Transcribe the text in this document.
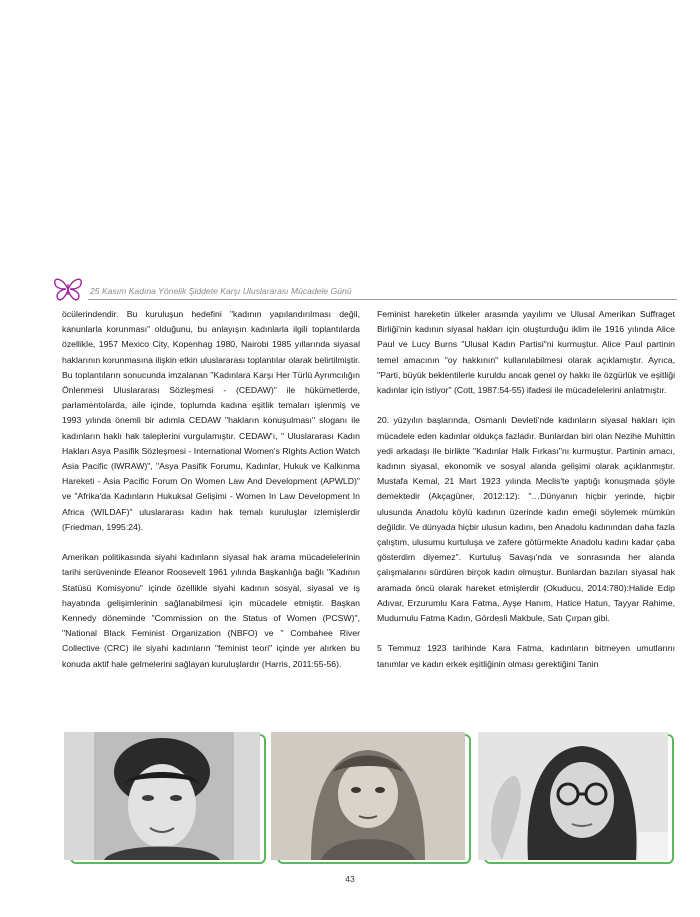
25 Kasım Kadına Yönelik Şiddete Karşı Uluslararası Mücadele Günü

öcülerindendir. Bu kuruluşun hedefini "kadının yapılandırılması değil, kanunlarla korunması" olduğunu, bu anlayışın kadınlarla ilgili toplantılarda özellikle, 1957 Mexico City, Kopenhag 1980, Nairobi 1985 yıllarında siyasal haklarının korunmasına ilişkin etkin uluslararası toplantılar olarak belirtilmiştir. Bu toplantıların sonucunda imzalanan "Kadınlara Karşı Her Türlü Ayrımcılığın Önlenmesi Uluslararası Sözleşmesi - (CEDAW)" ile hükümetlerde, parlamentolarda, aile içinde, toplumda kadına eşitlik temaları işlenmiş ve 1993 yılında önemli bir adımla CEDAW "hakların konuşulması" sloganı ile kadınların haklı hak taleplerini vurgulamıştır. CEDAW'ı, " Uluslararası Kadın Hakları Asya Pasifik Sözleşmesi - International Women's Rights Action Watch Asia Pacific (IWRAW)", "Asya Pasifik Forumu, Kadınlar, Hukuk ve Kalkınma Hareketi - Asia Pacific Forum On Women Law And Development (APWLD)" ve "Afrika'da Kadınların Hukuksal Gelişimi - Women In Law Development In Africa (WILDAF)" uluslararası kadın hak temalı kuruluşlar izlemişlerdir (Friedman, 1995:24).

Amerikan politikasında siyahi kadınların siyasal hak arama mücadelelerinin tarihi serüveninde Eleanor Roosevelt 1961 yılında Başkanlığa bağlı "Kadının Statüsü Komisyonu" içinde özellikle siyahi kadının sosyal, siyasal ve iş hayatında gelişimlerinin sağlanabilmesi için mücadele etmiştir. Başkan Kennedy döneminde "Commission on the Status of Women (PCSW)", "National Black Feminist Organization (NBFO) ve " Combahee River Collective (CRC) ile siyahi kadınların "feminist teori" içinde yer alırken bu konuda aktif hale gelmelerini sağlayan kuruluşlardır (Harris, 2011:55-56).

Feminist hareketin ülkeler arasında yayılımı ve Ulusal Amerikan Suffraget Birliği'nin kadının siyasal hakları için oluşturduğu iklim ile 1916 yılında Alice Paul ve Lucy Burns "Ulusal Kadın Partisi"ni kurmuştur. Alice Paul partinin temel amacının "oy hakkının" kullanılabilmesi olarak açıklamıştır. Ayrıca, "Parti, büyük beklentilerle kuruldu ancak genel oy hakkı ile özgürlük ve eşitliği kadınlar için istiyor" (Cott, 1987:54-55) ifadesi ile mücadelelerini anlatmıştır.

20. yüzyılın başlarında, Osmanlı Devleti'nde kadınların siyasal hakları için mücadele eden kadınlar oldukça fazladır. Bunlardan biri olan Nezihe Muhittin yedi arkadaşı ile birlikte "Kadınlar Halk Fırkası"nı kurmuştur. Partinin amacı, kadının siyasal, ekonomik ve sosyal alanda gelişimi olarak açıklanmıştır. Mustafa Kemal, 21 Mart 1923 yılında Meclis'te yaptığı konuşmada şöyle demektedir (Akçagüner, 2012:12): "…Dünyanın hiçbir yerinde, hiçbir ulusunda Anadolu köylü kadının üzerinde kadın emeği söylemek mümkün değildir. Ve dünyada hiçbir ulusun kadını, ben Anadolu kadınından daha fazla çalıştım, ulusumu kurtuluşa ve zafere götürmekte Anadolu kadını kadar çaba gösterdim diyemez". Kurtuluş Savaşı'nda ve sonrasında her alanda çalışmalarını sürdüren birçok kadın olmuştur. Bunlardan bazıları siyasal hak aramada öncü olarak hareket etmişlerdir (Okuducu, 2014:780):Halide Edip Adıvar, Erzurumlu Kara Fatma, Ayşe Hanım, Hatice Hatun, Tayyar Rahime, Mudurnulu Fatma Kadın, Gördesli Makbule, Satı Çırpan gibi.

5 Temmuz 1923 tarihinde Kara Fatma, kadınların bitmeyen umutlarını tanımlar ve kadın erkek eşitliğinin olması gerektiğini Tanin

43
